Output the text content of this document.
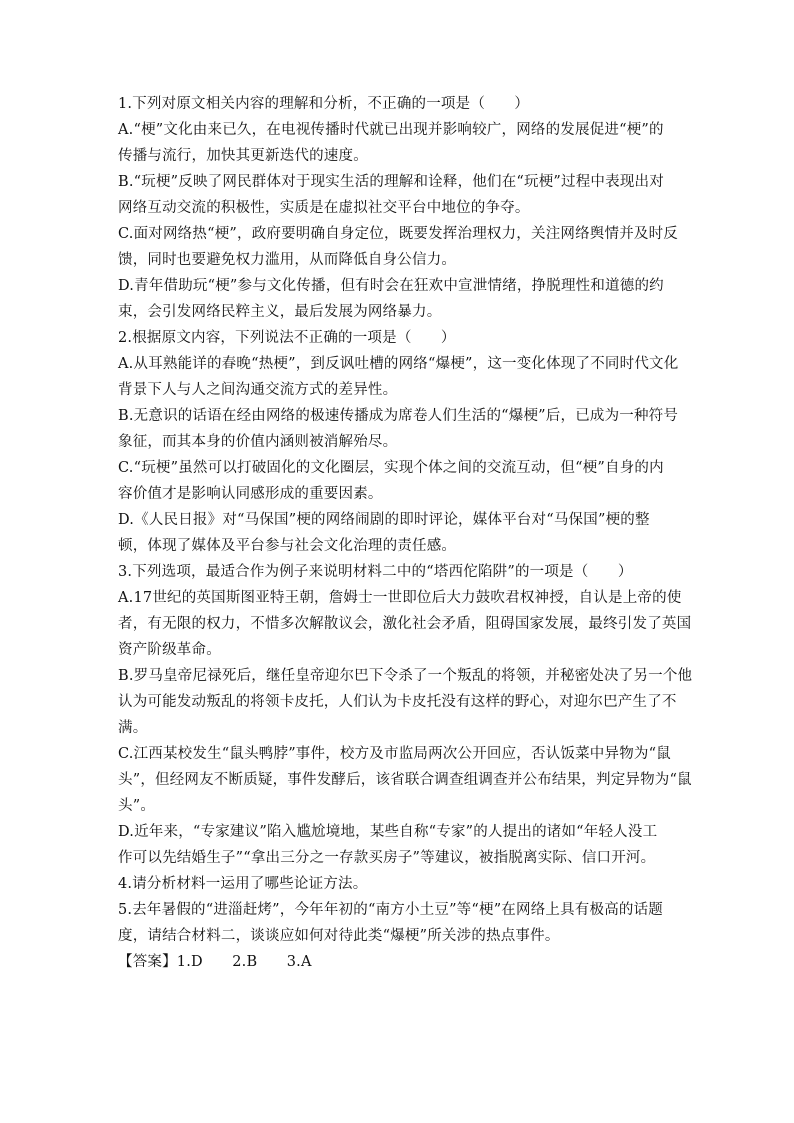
1.下列对原文相关内容的理解和分析，不正确的一项是（　　）
A.“梗”文化由来已久，在电视传播时代就已出现并影响较广，网络的发展促进“梗”的
传播与流行，加快其更新迭代的速度。
B.“玩梗”反映了网民群体对于现实生活的理解和诠释，他们在“玩梗”过程中表现出对
网络互动交流的积极性，实质是在虚拟社交平台中地位的争夺。
C.面对网络热“梗”，政府要明确自身定位，既要发挥治理权力，关注网络舆情并及时反
馈，同时也要避免权力滥用，从而降低自身公信力。
D.青年借助玩“梗”参与文化传播，但有时会在狂欢中宣泄情绪，挣脱理性和道德的约
束，会引发网络民粹主义，最后发展为网络暴力。
2.根据原文内容，下列说法不正确的一项是（　　）
A.从耳熟能详的春晚“热梗”，到反讽吐槽的网络“爆梗”，这一变化体现了不同时代文化
背景下人与人之间沟通交流方式的差异性。
B.无意识的话语在经由网络的极速传播成为席卷人们生活的“爆梗”后，已成为一种符号
象征，而其本身的价值内涵则被消解殆尽。
C.“玩梗”虽然可以打破固化的文化圈层，实现个体之间的交流互动，但“梗”自身的内
容价值才是影响认同感形成的重要因素。
D.《人民日报》对“马保国”梗的网络闹剧的即时评论，媒体平台对“马保国”梗的整
顿，体现了媒体及平台参与社会文化治理的责任感。
3.下列选项，最适合作为例子来说明材料二中的“塔西佗陷阱”的一项是（　　）
A.17世纪的英国斯图亚特王朝，詹姆士一世即位后大力鼓吹君权神授，自认是上帝的使
者，有无限的权力，不惜多次解散议会，激化社会矛盾，阻碍国家发展，最终引发了英国
资产阶级革命。
B.罗马皇帝尼禄死后，继任皇帝迎尔巴下令杀了一个叛乱的将领，并秘密处决了另一个他
认为可能发动叛乱的将领卡皮托，人们认为卡皮托没有这样的野心，对迎尔巴产生了不
满。
C.江西某校发生“鼠头鸭脖”事件，校方及市监局两次公开回应，否认饭菜中异物为“鼠
头”，但经网友不断质疑，事件发酵后，该省联合调查组调查并公布结果，判定异物为“鼠
头”。
D.近年来，“专家建议”陷入尴尬境地，某些自称“专家”的人提出的诸如“年轻人没工
作可以先结婚生子”“拿出三分之一存款买房子”等建议，被指脱离实际、信口开河。
4.请分析材料一运用了哪些论证方法。
5.去年暑假的“进淄赶烤”，今年年初的“南方小土豆”等“梗”在网络上具有极高的话题
度，请结合材料二，谈谈应如何对待此类“爆梗”所关涉的热点事件。
【答案】1.D　　2.B　　3.A
